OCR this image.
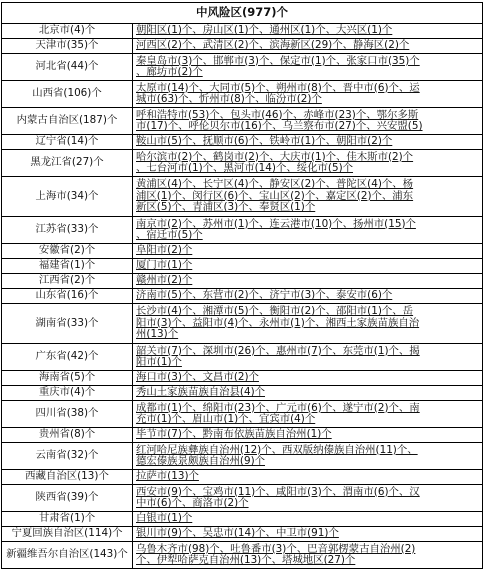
中风险区(977)个	
北京市(4)个	朝阳区(1)个、房山区(1)个、通州区(1)个、大兴区(1)个

天津市(35)个	河西区(2)个、武清区(2)个、滨海新区(29)个、静海区(2)个

河北省(44)个	秦皇岛市(3)个、邯郸市(3)个、保定市(1)个、张家口市(35)个
、廊坊市(2)个

山西省(106)个	太原市(14)个、大同市(5)个、朔州市(8)个、晋中市(6)个、运
城市(63)个、忻州市(8)个、临汾市(2)个

内蒙古自治区(187)个	呼和浩特市(53)个、包头市(46)个、赤峰市(23)个、鄂尔多斯
市(17)个、呼伦贝尔市(16)个、乌兰察布市(27)个、兴安盟(5)

辽宁省(14)个	鞍山市(5)个、抚顺市(6)个、铁岭市(1)个、朝阳市(2)个

黑龙江省(27)个	哈尔滨市(2)个、鹤岗市(2)个、大庆市(1)个、佳木斯市(2)个
、七台河市(1)个、黑河市(14)个、绥化市(5)个

上海市(34)个	黄浦区(4)个、长宁区(4)个、静安区(2)个、普陀区(4)个、杨
浦区(1)个、闵行区(6)个、宝山区(2)个、嘉定区(2)个、浦东
新区(5)个、青浦区(3)个、奉贤区(1)个

江苏省(33)个	南京市(2)个、苏州市(1)个、连云港市(10)个、扬州市(15)个
、宿迁市(5)个

安徽省(2)个	阜阳市(2)个

福建省(1)个	厦门市(1)个

江西省(2)个	赣州市(2)个

山东省(16)个	济南市(5)个、东营市(2)个、济宁市(3)个、泰安市(6)个

湖南省(33)个	长沙市(4)个、湘潭市(5)个、衡阳市(2)个、邵阳市(1)个、岳
阳市(3)个、益阳市(4)个、永州市(1)个、湘西土家族苗族自治
州(13)个

广东省(42)个	韶关市(7)个、深圳市(26)个、惠州市(7)个、东莞市(1)个、揭
阳市(1)个

海南省(5)个	海口市(3)个、文昌市(2)个

重庆市(4)个	秀山土家族苗族自治县(4)个

四川省(38)个	成都市(1)个、绵阳市(23)个、广元市(6)个、遂宁市(2)个、南
充市(1)个、眉山市(1)个、宜宾市(4)个

贵州省(8)个	毕节市(7)个、黔南布依族苗族自治州(1)个

云南省(32)个	红河哈尼族彝族自治州(12)个、西双版纳傣族自治州(11)个、
德宏傣族景颇族自治州(9)个

西藏自治区(13)个	拉萨市(13)个

陕西省(39)个	西安市(9)个、宝鸡市(11)个、咸阳市(3)个、渭南市(6)个、汉
中市(6)个、商洛市(2)个

甘肃省(1)个	白银市(1)个

宁夏回族自治区(114)个	银川市(9)个、吴忠市(14)个、中卫市(91)个

新疆维吾尔自治区(143)个	乌鲁木齐市(98)个、吐鲁番市(3)个、巴音郭楞蒙古自治州(2)
个、伊犁哈萨克自治州(13)个、塔城地区(27)个
